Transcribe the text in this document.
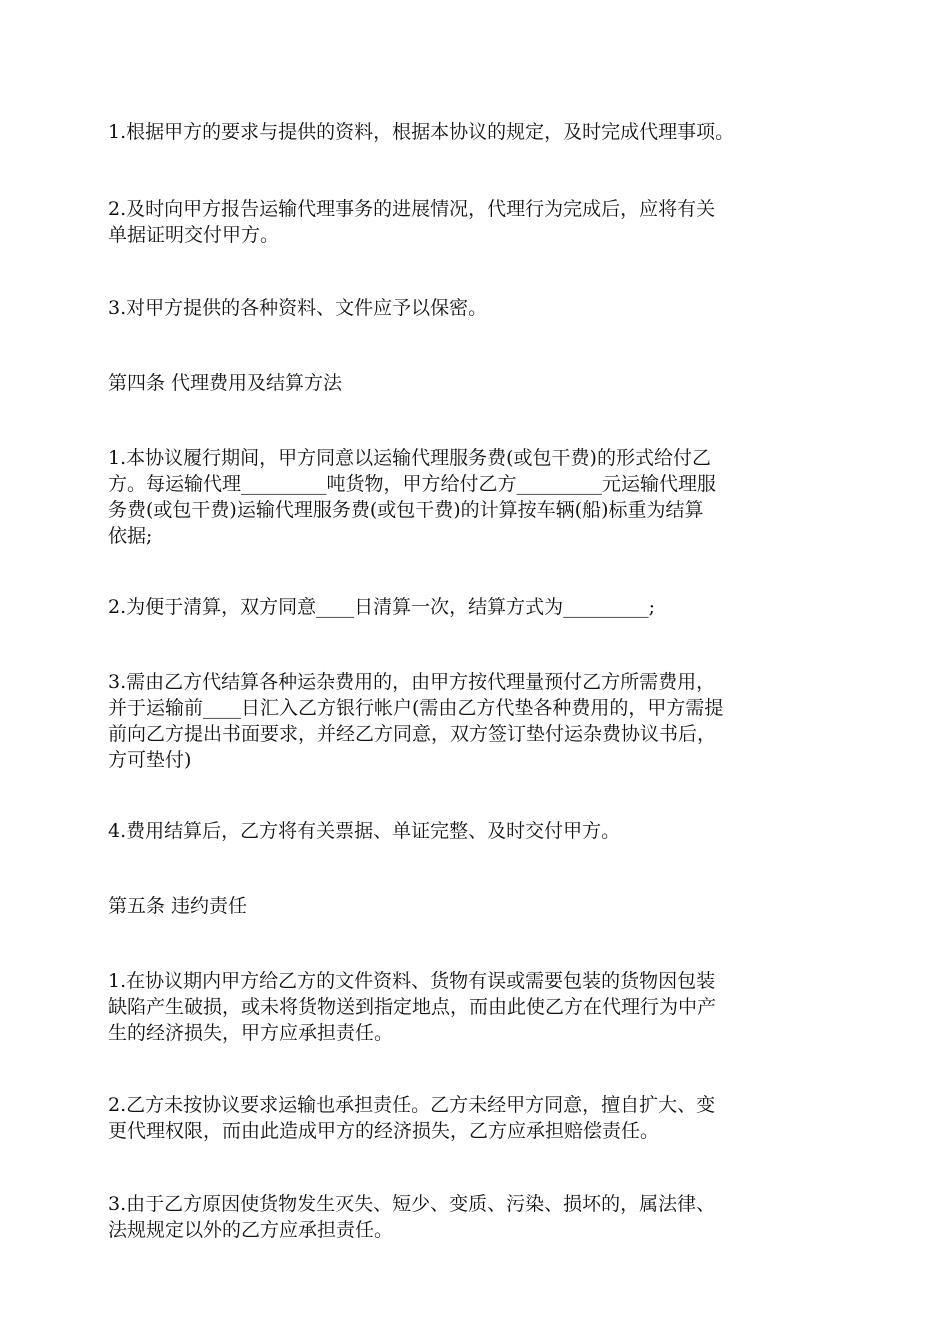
1.根据甲方的要求与提供的资料，根据本协议的规定，及时完成代理事项。
2.及时向甲方报告运输代理事务的进展情况，代理行为完成后，应将有关
单据证明交付甲方。
3.对甲方提供的各种资料、文件应予以保密。
第四条 代理费用及结算方法
1.本协议履行期间，甲方同意以运输代理服务费(或包干费)的形式给付乙
方。每运输代理_________吨货物，甲方给付乙方_________元运输代理服
务费(或包干费)运输代理服务费(或包干费)的计算按车辆(船)标重为结算
依据;
2.为便于清算，双方同意____日清算一次，结算方式为_________;
3.需由乙方代结算各种运杂费用的，由甲方按代理量预付乙方所需费用，
并于运输前____日汇入乙方银行帐户(需由乙方代垫各种费用的，甲方需提
前向乙方提出书面要求，并经乙方同意，双方签订垫付运杂费协议书后，
方可垫付)
4.费用结算后，乙方将有关票据、单证完整、及时交付甲方。
第五条 违约责任
1.在协议期内甲方给乙方的文件资料、货物有误或需要包装的货物因包装
缺陷产生破损，或未将货物送到指定地点，而由此使乙方在代理行为中产
生的经济损失，甲方应承担责任。
2.乙方未按协议要求运输也承担责任。乙方未经甲方同意，擅自扩大、变
更代理权限，而由此造成甲方的经济损失，乙方应承担赔偿责任。
3.由于乙方原因使货物发生灭失、短少、变质、污染、损坏的，属法律、
法规规定以外的乙方应承担责任。
